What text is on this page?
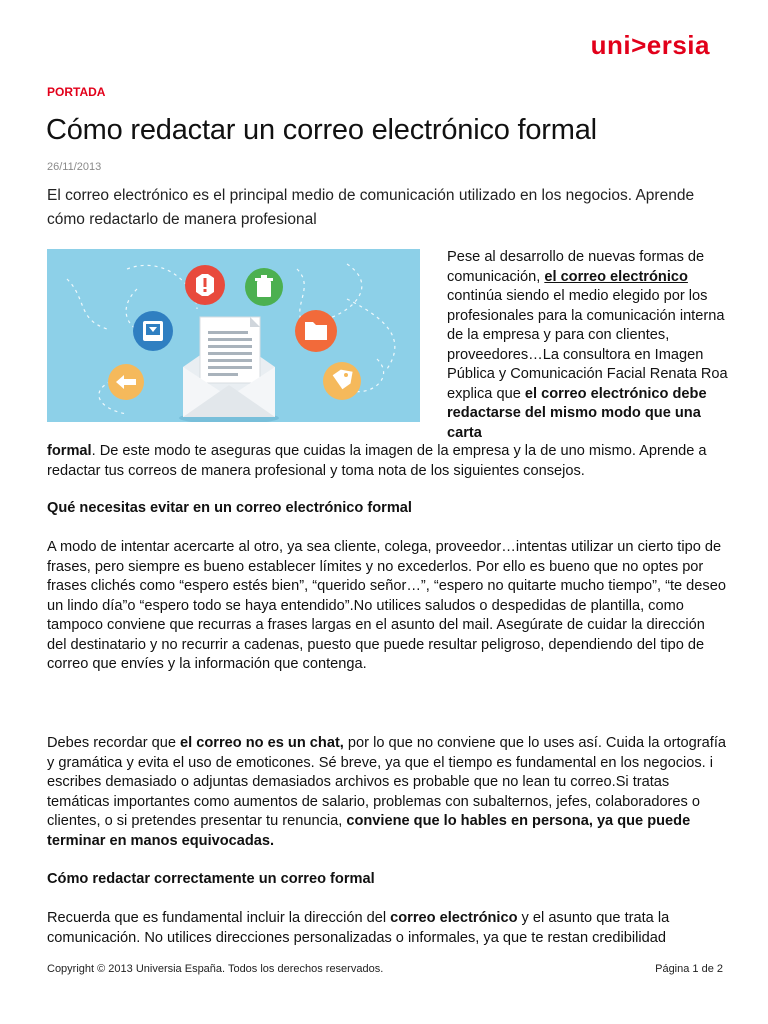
uni>ersia
PORTADA
Cómo redactar un correo electrónico formal
26/11/2013

El correo electrónico es el principal medio de comunicación utilizado en los negocios. Aprende cómo redactarlo de manera profesional

Pese al desarrollo de nuevas formas de comunicación, el correo electrónico continúa siendo el medio elegido por los profesionales para la comunicación interna de la empresa y para con clientes, proveedores…La consultora en Imagen Pública y Comunicación Facial Renata Roa explica que el correo electrónico debe redactarse del mismo modo que una carta

formal. De este modo te aseguras que cuidas la imagen de la empresa y la de uno mismo. Aprende a redactar tus correos de manera profesional y toma nota de los siguientes consejos.

Qué necesitas evitar en un correo electrónico formal

A modo de intentar acercarte al otro, ya sea cliente, colega, proveedor…intentas utilizar un cierto tipo de frases, pero siempre es bueno establecer límites y no excederlos. Por ello es bueno que no optes por frases clichés como “espero estés bien”, “querido señor…”, “espero no quitarte mucho tiempo”, “te deseo un lindo día”o “espero todo se haya entendido”.No utilices saludos o despedidas de plantilla, como tampoco conviene que recurras a frases largas en el asunto del mail. Asegúrate de cuidar la dirección del destinatario y no recurrir a cadenas, puesto que puede resultar peligroso, dependiendo del tipo de correo que envíes y la información que contenga.

Debes recordar que el correo no es un chat, por lo que no conviene que lo uses así. Cuida la ortografía y gramática y evita el uso de emoticones. Sé breve, ya que el tiempo es fundamental en los negocios. i escribes demasiado o adjuntas demasiados archivos es probable que no lean tu correo.Si tratas temáticas importantes como aumentos de salario, problemas con subalternos, jefes, colaboradores o clientes, o si pretendes presentar tu renuncia, conviene que lo hables en persona, ya que puede terminar en manos equivocadas.

Cómo redactar correctamente un correo formal

Recuerda que es fundamental incluir la dirección del correo electrónico y el asunto que trata la comunicación. No utilices direcciones personalizadas o informales, ya que te restan credibilidad

Copyright © 2013 Universia España. Todos los derechos reservados.	Página 1 de 2
